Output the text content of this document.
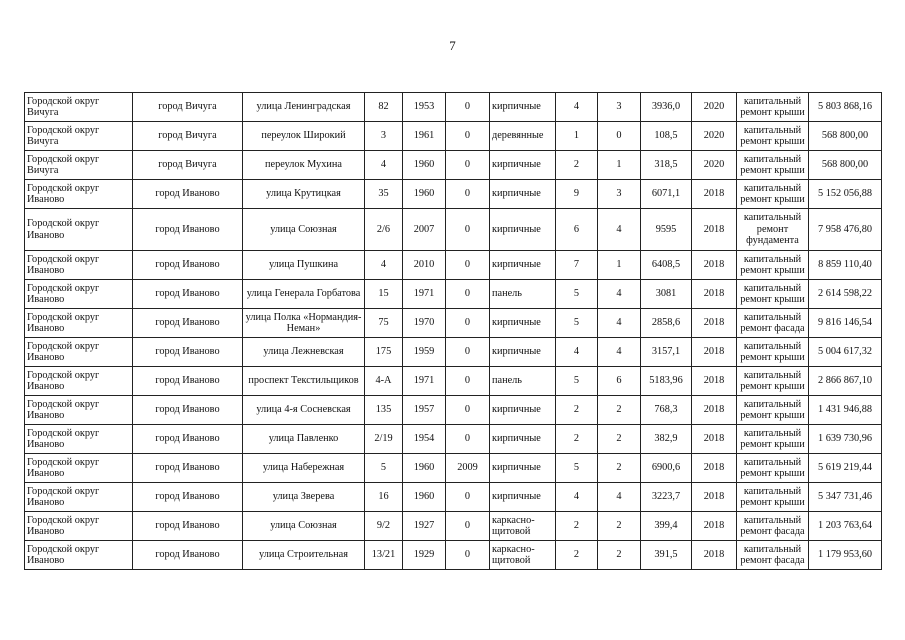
7
Городской округ Вичуга	город Вичуга	улица Ленинградская	82	1953	0	кирпичные	4	3	3936,0	2020	капитальный ремонт крыши	5 803 868,16
Городской округ Вичуга	город Вичуга	переулок Широкий	3	1961	0	деревянные	1	0	108,5	2020	капитальный ремонт крыши	568 800,00
Городской округ Вичуга	город Вичуга	переулок Мухина	4	1960	0	кирпичные	2	1	318,5	2020	капитальный ремонт крыши	568 800,00
Городской округ Иваново	город Иваново	улица Крутицкая	35	1960	0	кирпичные	9	3	6071,1	2018	капитальный ремонт крыши	5 152 056,88
Городской округ Иваново	город Иваново	улица Союзная	2/6	2007	0	кирпичные	6	4	9595	2018	капитальный ремонт фундамента	7 958 476,80
Городской округ Иваново	город Иваново	улица Пушкина	4	2010	0	кирпичные	7	1	6408,5	2018	капитальный ремонт крыши	8 859 110,40
Городской округ Иваново	город Иваново	улица Генерала Горбатова	15	1971	0	панель	5	4	3081	2018	капитальный ремонт крыши	2 614 598,22
Городской округ Иваново	город Иваново	улица Полка «Нормандия-Неман»	75	1970	0	кирпичные	5	4	2858,6	2018	капитальный ремонт фасада	9 816 146,54
Городской округ Иваново	город Иваново	улица Лежневская	175	1959	0	кирпичные	4	4	3157,1	2018	капитальный ремонт крыши	5 004 617,32
Городской округ Иваново	город Иваново	проспект Текстильщиков	4-А	1971	0	панель	5	6	5183,96	2018	капитальный ремонт крыши	2 866 867,10
Городской округ Иваново	город Иваново	улица 4-я Сосневская	135	1957	0	кирпичные	2	2	768,3	2018	капитальный ремонт крыши	1 431 946,88
Городской округ Иваново	город Иваново	улица Павленко	2/19	1954	0	кирпичные	2	2	382,9	2018	капитальный ремонт крыши	1 639 730,96
Городской округ Иваново	город Иваново	улица Набережная	5	1960	2009	кирпичные	5	2	6900,6	2018	капитальный ремонт крыши	5 619 219,44
Городской округ Иваново	город Иваново	улица Зверева	16	1960	0	кирпичные	4	4	3223,7	2018	капитальный ремонт крыши	5 347 731,46
Городской округ Иваново	город Иваново	улица Союзная	9/2	1927	0	каркасно-щитовой	2	2	399,4	2018	капитальный ремонт фасада	1 203 763,64
Городской округ Иваново	город Иваново	улица Строительная	13/21	1929	0	каркасно-щитовой	2	2	391,5	2018	капитальный ремонт фасада	1 179 953,60
